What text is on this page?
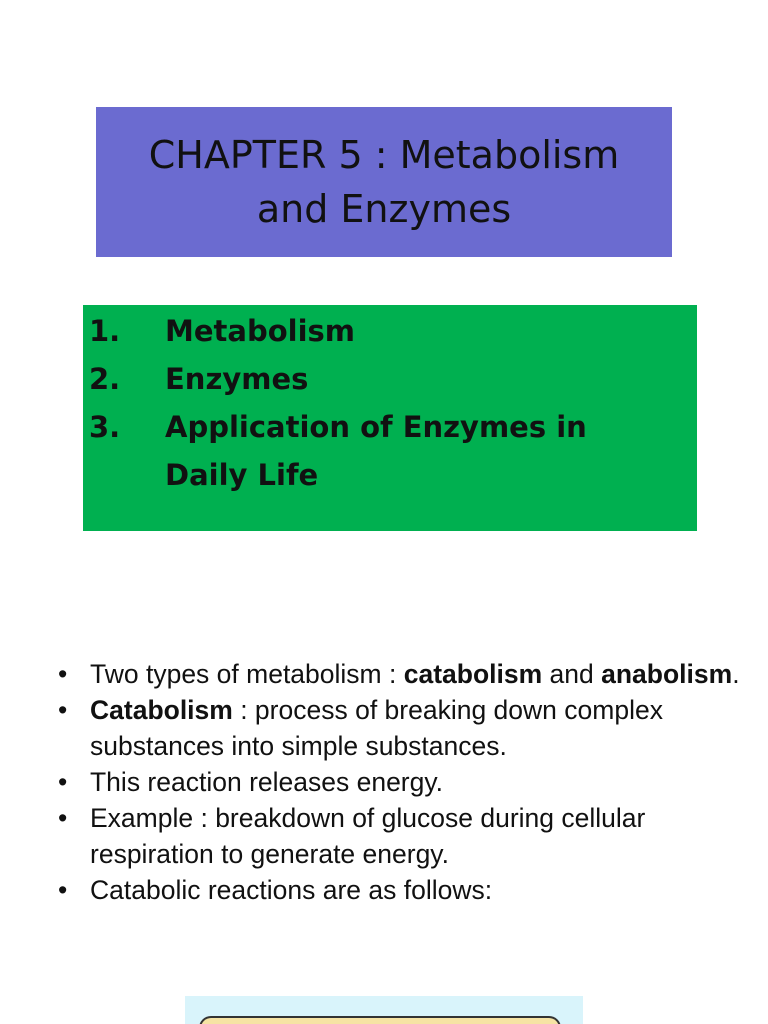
CHAPTER 5 : Metabolism
and Enzymes
1.	Metabolism
2.	Enzymes
3.	Application of Enzymes in Daily Life
• Two types of metabolism : catabolism and anabolism.
• Catabolism : process of breaking down complex substances into simple substances.
• This reaction releases energy.
• Example : breakdown of glucose during cellular respiration to generate energy.
• Catabolic reactions are as follows:
